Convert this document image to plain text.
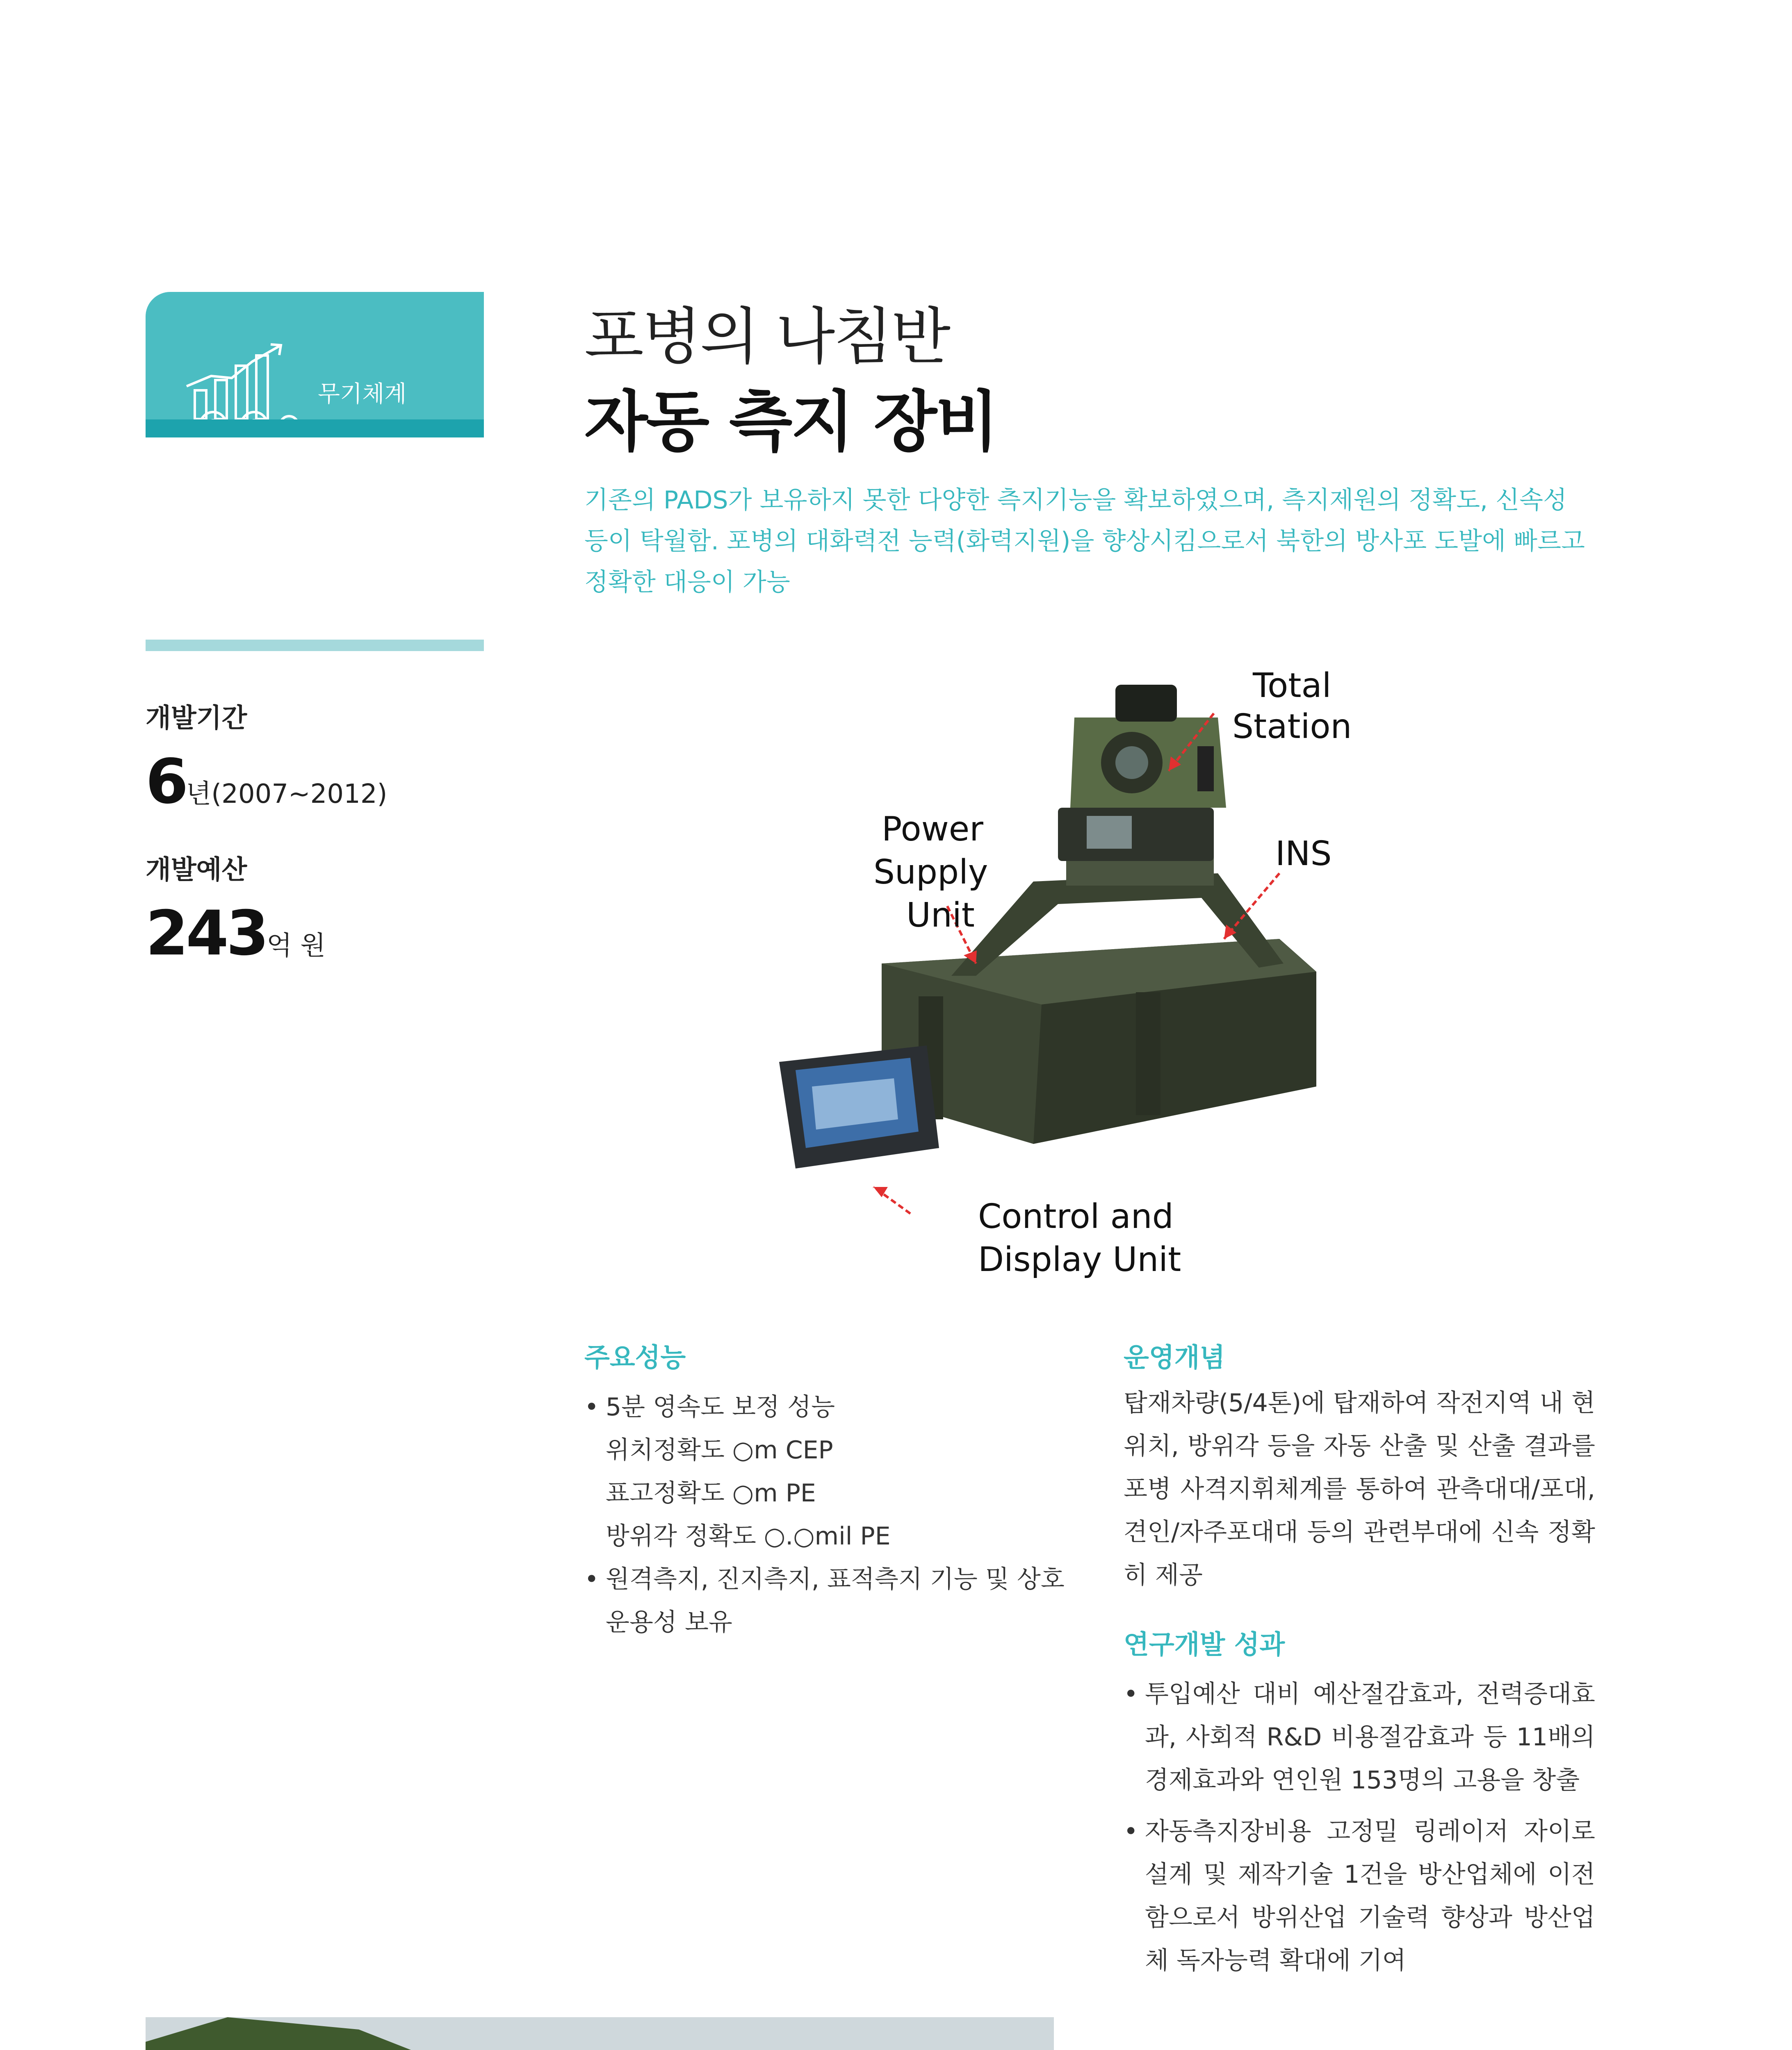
무기체계
포병의 나침반
자동 측지 장비
기존의 PADS가 보유하지 못한 다양한 측지기능을 확보하였으며, 측지제원의 정확도, 신속성 등이 탁월함. 포병의 대화력전 능력(화력지원)을 향상시킴으로서 북한의 방사포 도발에 빠르고 정확한 대응이 가능
개발기간
6년(2007~2012)
개발예산
243억 원
Total
Station
INS
Power
Supply
Unit
Control and
Display Unit
주요성능
• 5분 영속도 보정 성능
위치정확도 ○m CEP
표고정확도 ○m PE
방위각 정확도 ○.○mil PE
• 원격측지, 진지측지, 표적측지 기능 및 상호운용성 보유
운영개념
탑재차량(5/4톤)에 탑재하여 작전지역 내 현 위치, 방위각 등을 자동 산출 및 산출 결과를 포병 사격지휘체계를 통하여 관측대대/포대, 견인/자주포대대 등의 관련부대에 신속 정확히 제공
연구개발 성과
• 투입예산 대비 예산절감효과, 전력증대효과, 사회적 R&D 비용절감효과 등 11배의 경제효과와 연인원 153명의 고용을 창출
• 자동측지장비용 고정밀 링레이저 자이로 설계 및 제작기술 1건을 방산업체에 이전함으로서 방위산업 기술력 향상과 방산업체 독자능력 확대에 기여
